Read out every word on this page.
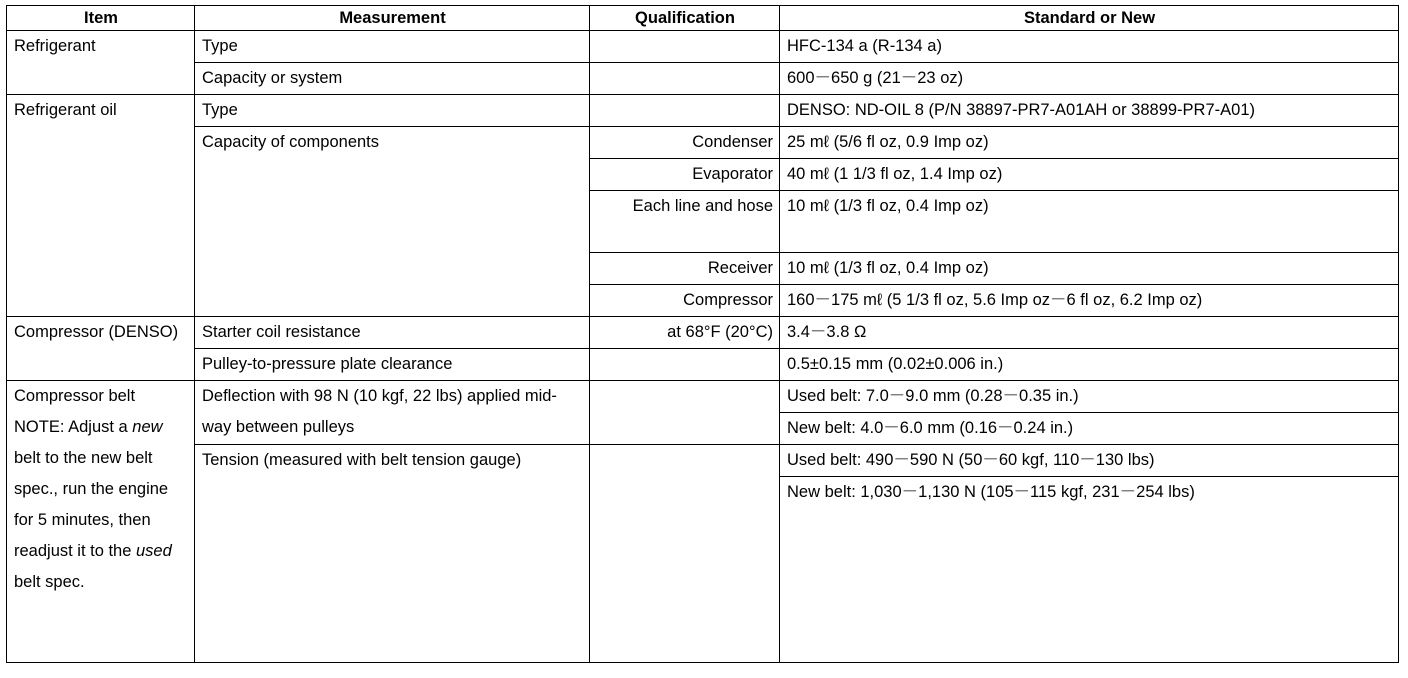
Item	Measurement	Qualification	Standard or New
Refrigerant	Type		HFC-134 a (R-134 a)
	Capacity or system		600－650 g (21－23 oz)
Refrigerant oil	Type		DENSO: ND-OIL 8 (P/N 38897-PR7-A01AH or 38899-PR7-A01)
	Capacity of components	Condenser	25 mℓ (5/6 fl oz, 0.9 Imp oz)
		Evaporator	40 mℓ (1 1/3 fl oz, 1.4 Imp oz)
		Each line and hose	10 mℓ (1/3 fl oz, 0.4 Imp oz)
		Receiver	10 mℓ (1/3 fl oz, 0.4 Imp oz)
		Compressor	160－175 mℓ (5 1/3 fl oz, 5.6 Imp oz－6 fl oz, 6.2 Imp oz)
Compressor (DENSO)	Starter coil resistance	at 68°F (20°C)	3.4－3.8 Ω
	Pulley-to-pressure plate clearance		0.5±0.15 mm (0.02±0.006 in.)
Compressor belt NOTE: Adjust a new belt to the new belt spec., run the engine for 5 minutes, then readjust it to the used belt spec.	Deflection with 98 N (10 kgf, 22 lbs) applied mid-way between pulleys		Used belt: 7.0－9.0 mm (0.28－0.35 in.)
			New belt: 4.0－6.0 mm (0.16－0.24 in.)
	Tension (measured with belt tension gauge)		Used belt: 490－590 N (50－60 kgf, 110－130 lbs)
			New belt: 1,030－1,130 N (105－115 kgf, 231－254 lbs)
